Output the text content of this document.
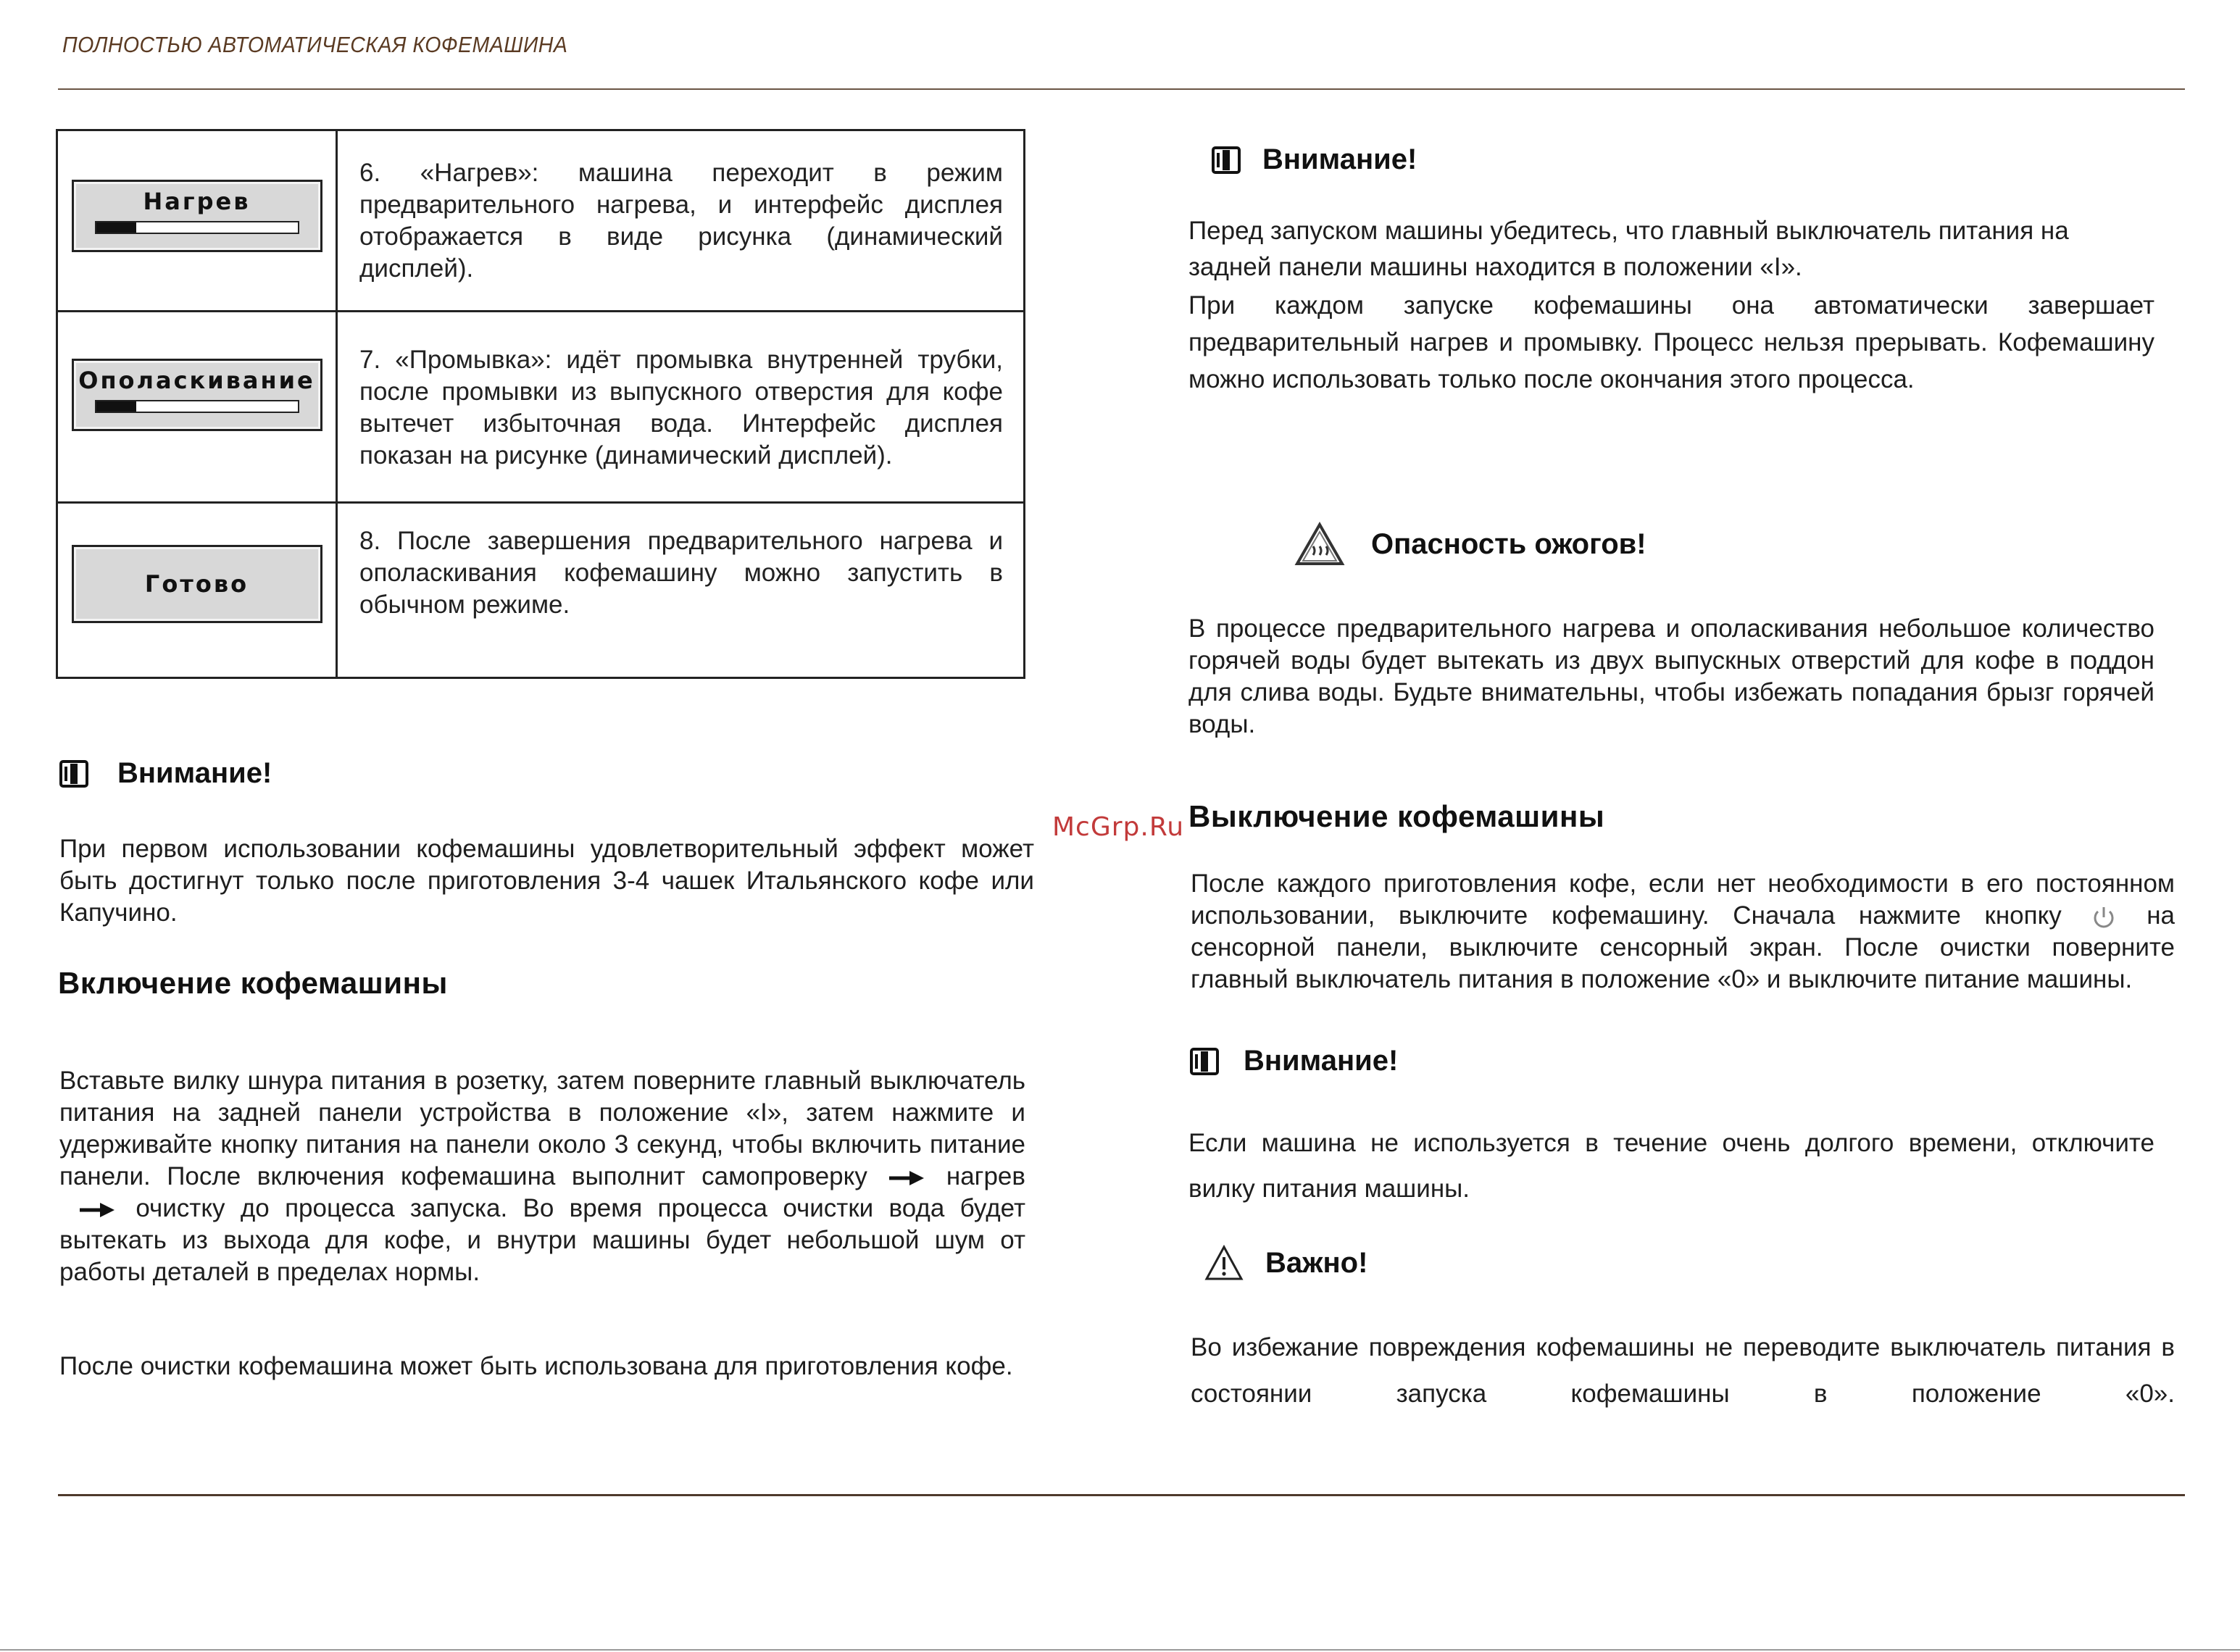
ПОЛНОСТЬЮ АВТОМАТИЧЕСКАЯ КОФЕМАШИНА
Нагрев	6. «Нагрев»: машина переходит в режим предварительного нагрева, и интерфейс дисплея отображается в виде рисунка (динамический дисплей).

Ополаскивание	7. «Промывка»: идёт промывка внутренней трубки, после промывки из выпускного отверстия для кофе вытечет избыточная вода. Интерфейс дисплея показан на рисунке (динамический дисплей).

Готово	8. После завершения предварительного нагрева и ополаскивания кофемашину можно запустить в обычном режиме.
Внимание!
При первом использовании кофемашины удовлетворительный эффект может быть достигнут только после приготовления 3-4 чашек Итальянского кофе или Капучино.
Включение кофемашины
Вставьте вилку шнура питания в розетку, затем поверните главный выключатель питания на задней панели устройства в положение «I», затем нажмите и удерживайте кнопку питания на панели около 3 секунд, чтобы включить питание панели. После включения кофемашина выполнит самопроверку	нагрев  очистку до процесса запуска. Во время процесса очистки вода будет вытекать из выхода для кофе, и внутри машины будет небольшой шум от работы деталей в пределах нормы.
После очистки кофемашина может быть использована для приготовления кофе.
Внимание!
Перед запуском машины убедитесь, что главный выключатель питания на задней панели машины находится в положении «I».
При каждом запуске кофемашины она автоматически завершает предварительный нагрев и промывку. Процесс нельзя прерывать. Кофемашину можно использовать только после окончания этого процесса.
Опасность ожогов!
В процессе предварительного нагрева и ополаскивания небольшое количество горячей воды будет вытекать из двух выпускных отверстий для кофе в поддон для слива воды. Будьте внимательны, чтобы избежать попадания брызг горячей воды.
McGrp.Ru Выключение кофемашины
После каждого приготовления кофе, если нет необходимости в его постоянном использовании, выключите кофемашину. Сначала нажмите кнопку	на сенсорной панели, выключите сенсорный экран. После очистки поверните главный выключатель питания в положение «0» и выключите питание машины.
Внимание!
Если машина не используется в течение очень долгого времени, отключите вилку питания машины.
Важно!
Во избежание повреждения кофемашины не переводите выключатель питания в состоянии запуска кофемашины в положение «0».
